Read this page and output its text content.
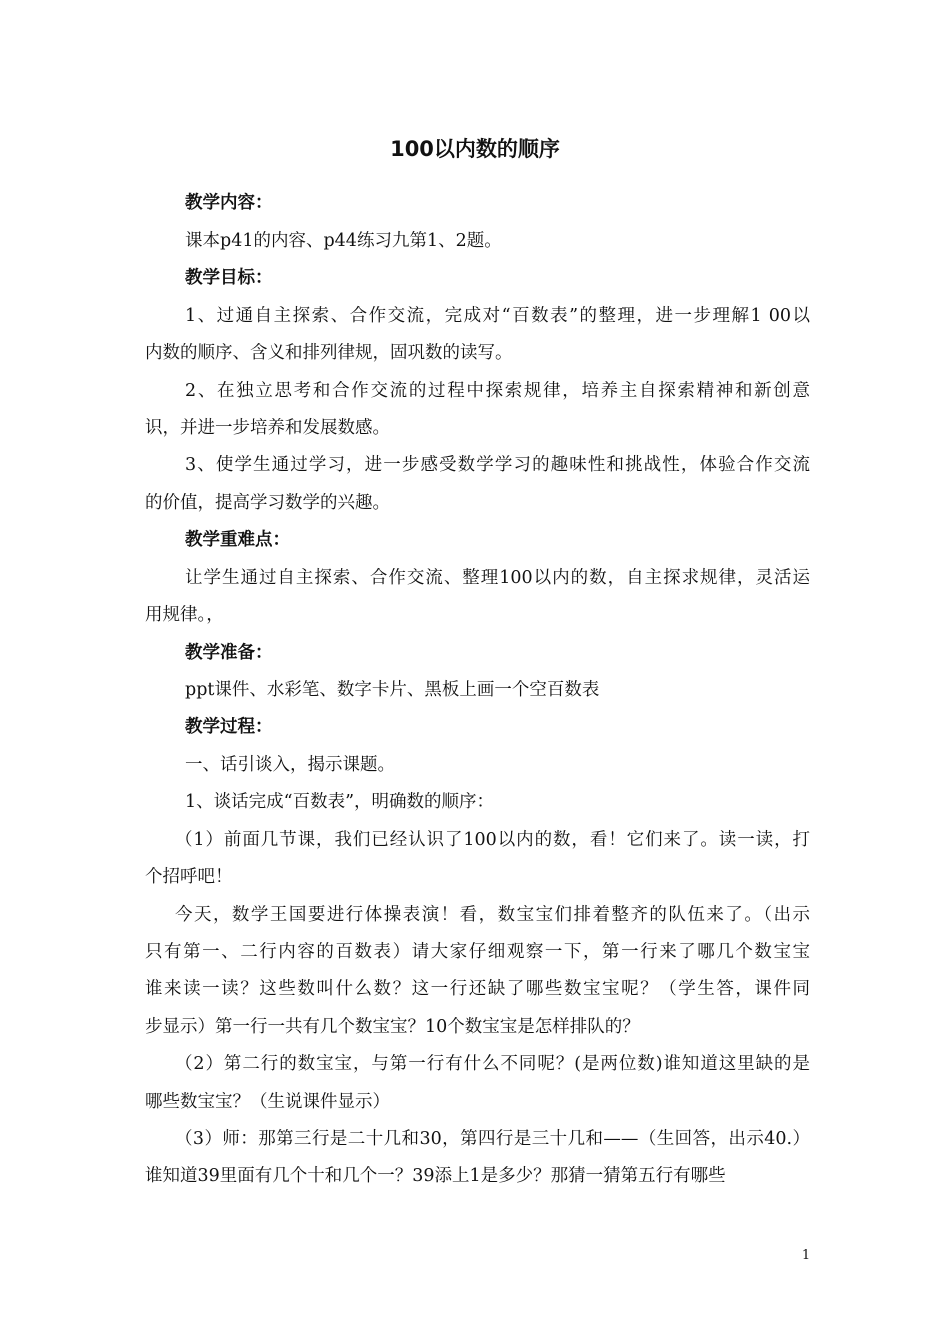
100以内数的顺序
教学内容：
课本p41的内容、p44练习九第1、2题。
教学目标：
1、过通自主探索、合作交流，完成对“百数表”的整理，进一步理解1 00以
内数的顺序、含义和排列律规，固巩数的读写。
2、在独立思考和合作交流的过程中探索规律，培养主自探索精神和新创意
识，并进一步培养和发展数感。
3、使学生通过学习，进一步感受数学学习的趣味性和挑战性，体验合作交流
的价值，提高学习数学的兴趣。
教学重难点：
让学生通过自主探索、合作交流、整理100以内的数，自主探求规律，灵活运
用规律。，
教学准备：
ppt课件、水彩笔、数字卡片、黑板上画一个空百数表
教学过程：
一、话引谈入，揭示课题。
1、谈话完成“百数表”，明确数的顺序：
（1）前面几节课，我们已经认识了100以内的数，看！它们来了。读一读，打
个招呼吧！
今天，数学王国要进行体操表演！看，数宝宝们排着整齐的队伍来了。（出示
只有第一、二行内容的百数表）请大家仔细观察一下，第一行来了哪几个数宝宝
谁来读一读？这些数叫什么数？这一行还缺了哪些数宝宝呢？（学生答，课件同
步显示）第一行一共有几个数宝宝？10个数宝宝是怎样排队的？
（2）第二行的数宝宝，与第一行有什么不同呢？(是两位数)谁知道这里缺的是
哪些数宝宝？（生说课件显示）
（3）师：那第三行是二十几和30，第四行是三十几和——（生回答，出示40.）
谁知道39里面有几个十和几个一？39添上1是多少？那猜一猜第五行有哪些
1
